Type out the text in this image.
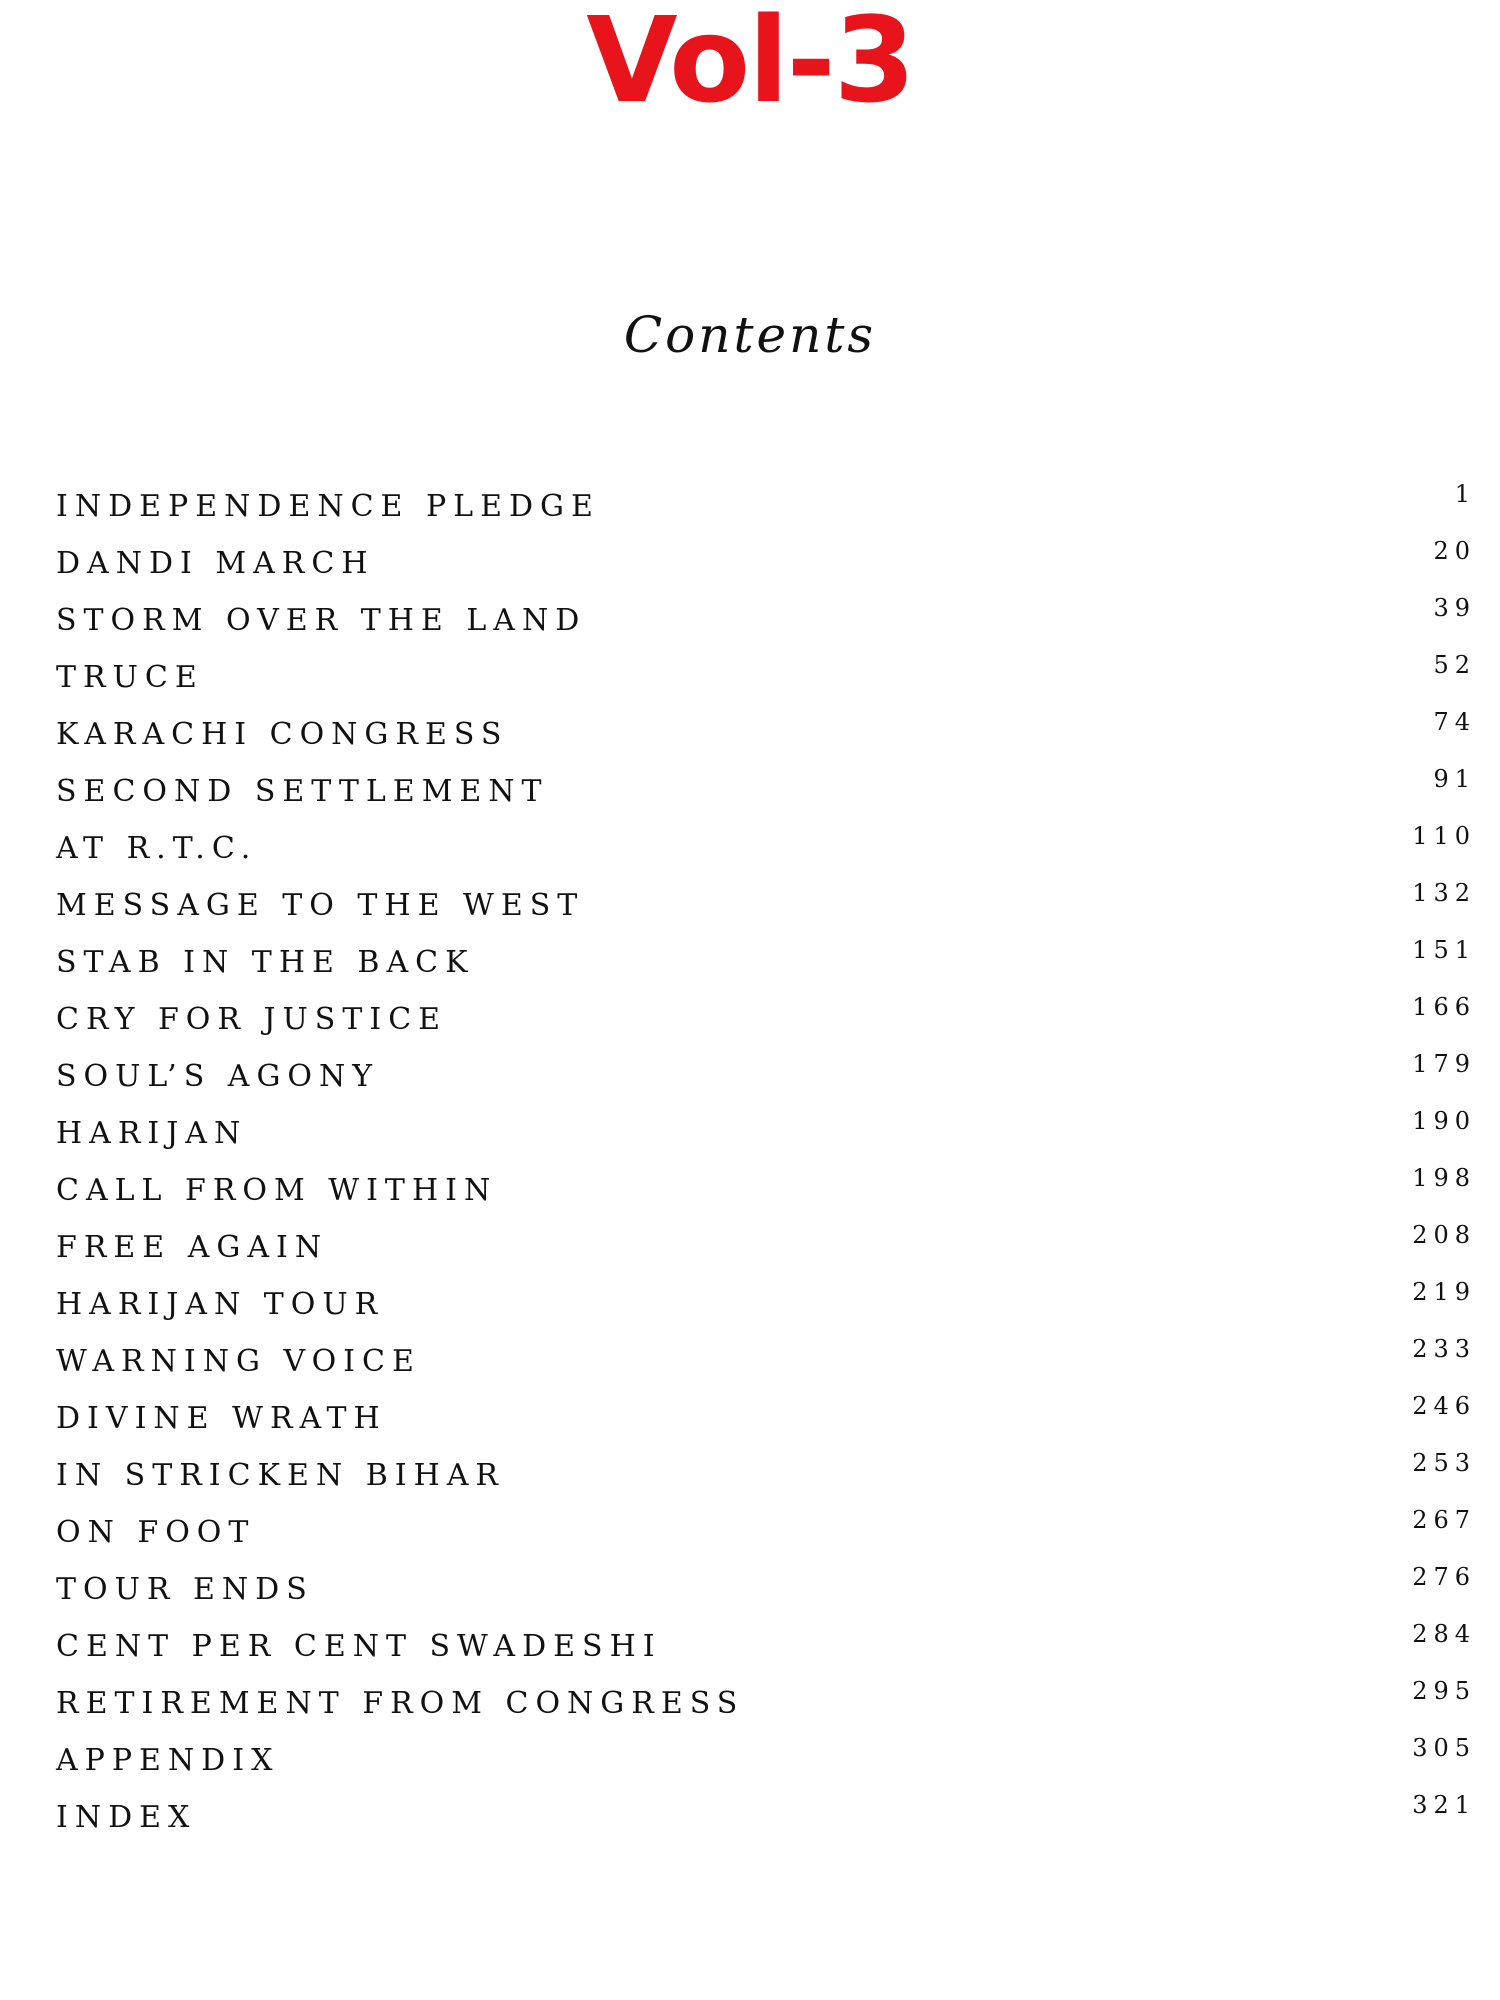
Vol-3
Contents
INDEPENDENCE PLEDGE	1
DANDI MARCH	20
STORM OVER THE LAND	39
TRUCE	52
KARACHI CONGRESS	74
SECOND SETTLEMENT	91
AT R.T.C.	110
MESSAGE TO THE WEST	132
STAB IN THE BACK	151
CRY FOR JUSTICE	166
SOUL’S AGONY	179
HARIJAN	190
CALL FROM WITHIN	198
FREE AGAIN	208
HARIJAN TOUR	219
WARNING VOICE	233
DIVINE WRATH	246
IN STRICKEN BIHAR	253
ON FOOT	267
TOUR ENDS	276
CENT PER CENT SWADESHI	284
RETIREMENT FROM CONGRESS	295
APPENDIX	305
INDEX	321
